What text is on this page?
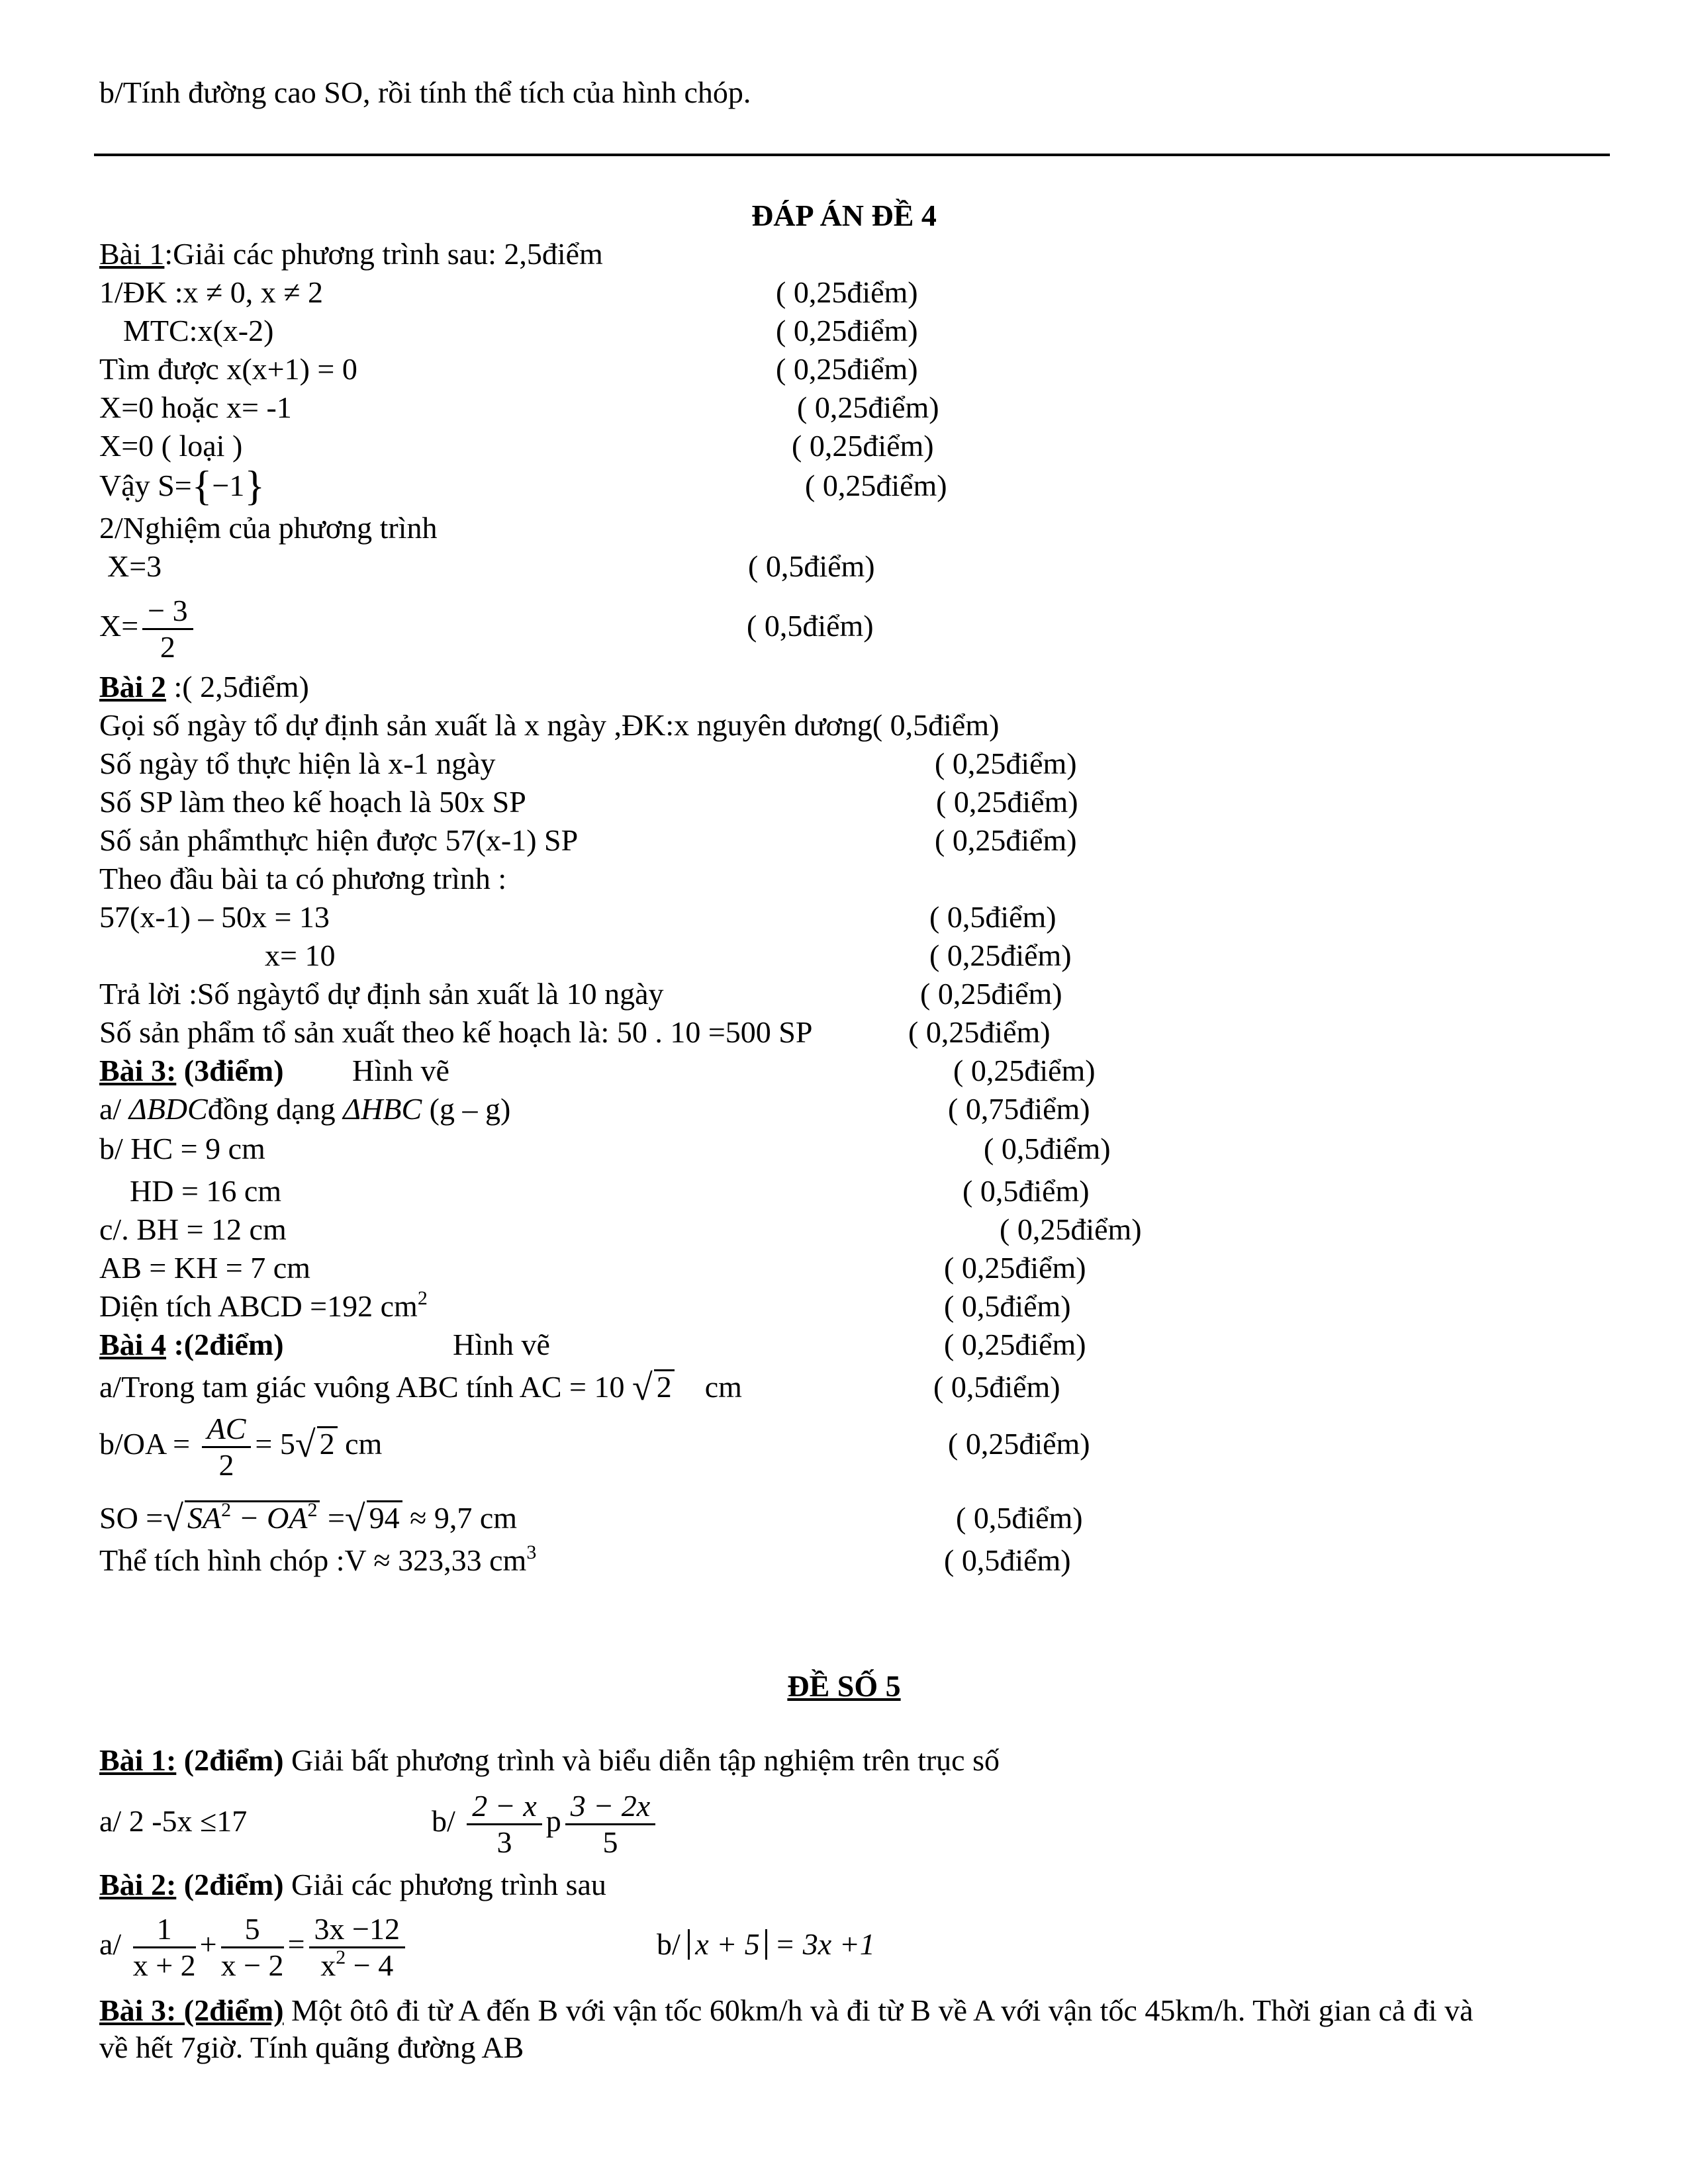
b/Tính đường cao SO, rồi tính thể tích của hình chóp.
ĐÁP ÁN ĐỀ 4
Bài 1:Giải các phương trình sau: 2,5điểm
1/ĐK :x ≠ 0, x ≠ 2	( 0,25điểm)
MTC:x(x-2)	( 0,25điểm)
Tìm được x(x+1) = 0	( 0,25điểm)
X=0 hoặc x= -1	( 0,25điểm)
X=0 ( loại )	( 0,25điểm)
Vậy S={−1}	( 0,25điểm)
2/Nghiệm của phương trình
X=3	( 0,5điểm)
$X= \frac{- 3}{2}$	( 0,5điểm)
Bài 2 :( 2,5điểm)
Gọi số ngày tổ dự định sản xuất là x ngày ,ĐK:x nguyên dương( 0,5điểm)
Số ngày tổ thực hiện là x-1 ngày	( 0,25điểm)
Số SP làm theo kế hoạch là 50x SP	( 0,25điểm)
Số sản phẩmthực hiện được 57(x-1) SP	( 0,25điểm)
Theo đầu bài ta có phương trình :
57(x-1) – 50x = 13	( 0,5điểm)
x= 10	( 0,25điểm)
Trả lời :Số ngàytổ dự định sản xuất là 10 ngày	( 0,25điểm)
Số sản phẩm tổ sản xuất theo kế hoạch là: 50 . 10 =500 SP	( 0,25điểm)
Bài 3: (3điểm) Hình vẽ	( 0,25điểm)
a/ ΔBDCđồng dạng ΔHBC (g – g)	( 0,75điểm)
b/ HC = 9 cm	( 0,5điểm)
HD = 16 cm	( 0,5điểm)
c/. BH = 12 cm	( 0,25điểm)
AB = KH = 7 cm	( 0,25điểm)
Diện tích ABCD =192 $cm^2$	( 0,5điểm)
Bài 4 :(2điểm)	Hình vẽ	( 0,25điểm)
a/Trong tam giác vuông ABC tính AC = 10 √ 2 cm	( 0,5điểm)
$b/OA = \frac{AC}{2} = 5√$ 2 cm	( 0,25điểm)
SO =√ $SA^2 - OA^2$ =√ 94 ≈ 9,7 cm	( 0,5điểm)
Thể tích hình chóp :V ≈ 323,33 $cm^3$	( 0,5điểm)
ĐỀ SỐ 5
Bài 1: (2điểm) Giải bất phương trình và biểu diễn tập nghiệm trên trục số
a/ 2 -5x ≤17	$b/ \frac{2 - x}{3}$ p $\frac{3 - 2x}{5}$
Bài 2: (2điểm) Giải các phương trình sau
$a/ \frac{1}{x + 2} + \frac{5}{x - 2} = \frac{3x -12}{x^2 - 4}$	b/ x + 5 = 3x +1
Bài 3: (2điểm) Một ôtô đi từ A đến B với vận tốc 60km/h và đi từ B về A với vận tốc 45km/h. Thời gian cả đi và
về hết 7giờ. Tính quãng đường AB
